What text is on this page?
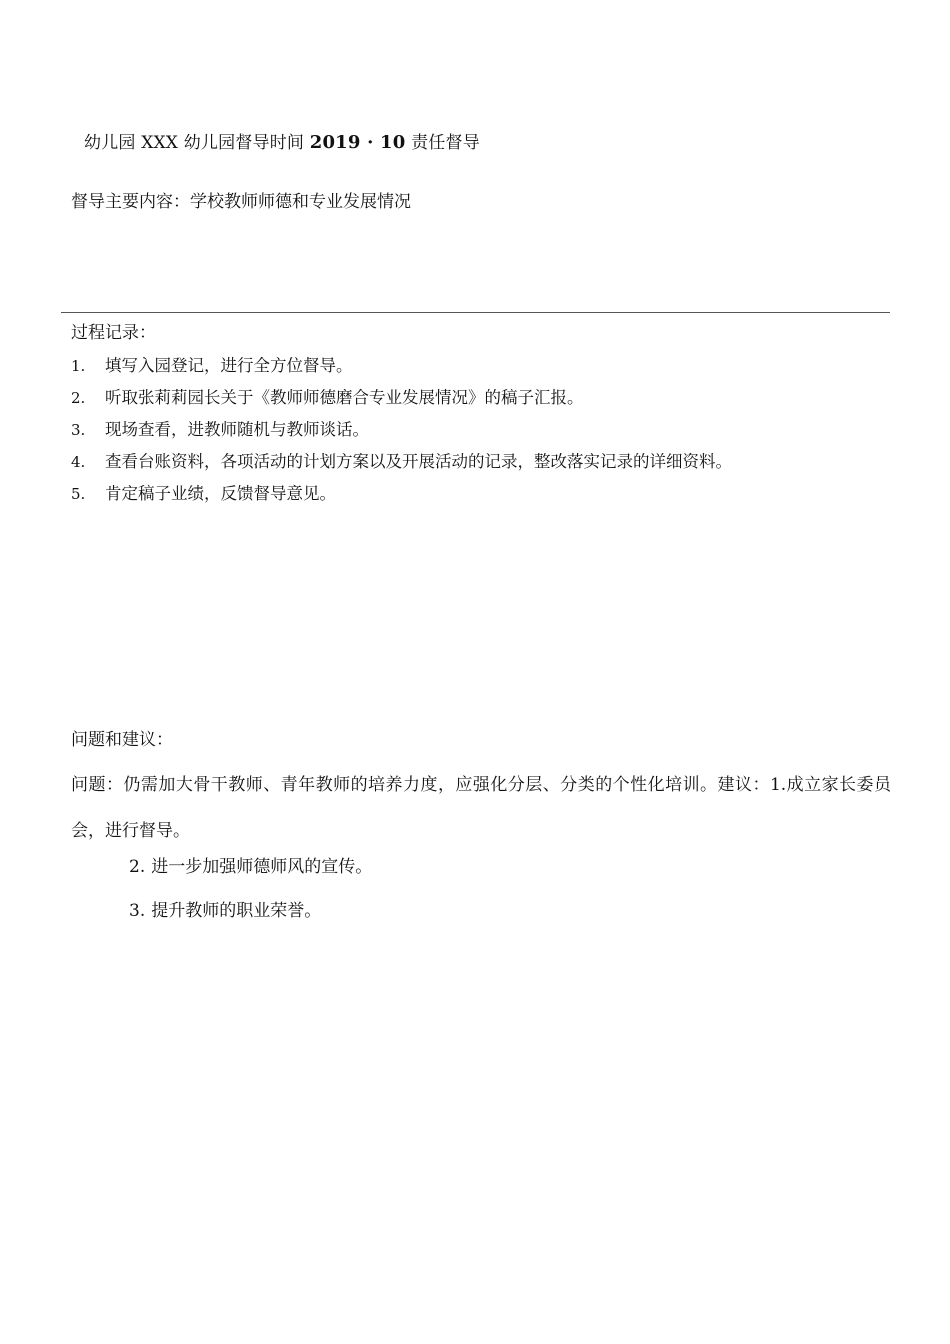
幼儿园 XXX 幼儿园督导时间 2019 · 10 责任督导
督导主要内容：学校教师师德和专业发展情况
过程记录：
1. 填写入园登记，进行全方位督导。
2. 听取张莉莉园长关于《教师师德磨合专业发展情况》的稿子汇报。
3. 现场查看，进教师随机与教师谈话。
4. 查看台账资料，各项活动的计划方案以及开展活动的记录，整改落实记录的详细资料。
5. 肯定稿子业绩，反馈督导意见。
问题和建议：
问题：仍需加大骨干教师、青年教师的培养力度，应强化分层、分类的个性化培训。建议：1.成立家长委员会，进行督导。
2. 进一步加强师德师风的宣传。
3. 提升教师的职业荣誉。
